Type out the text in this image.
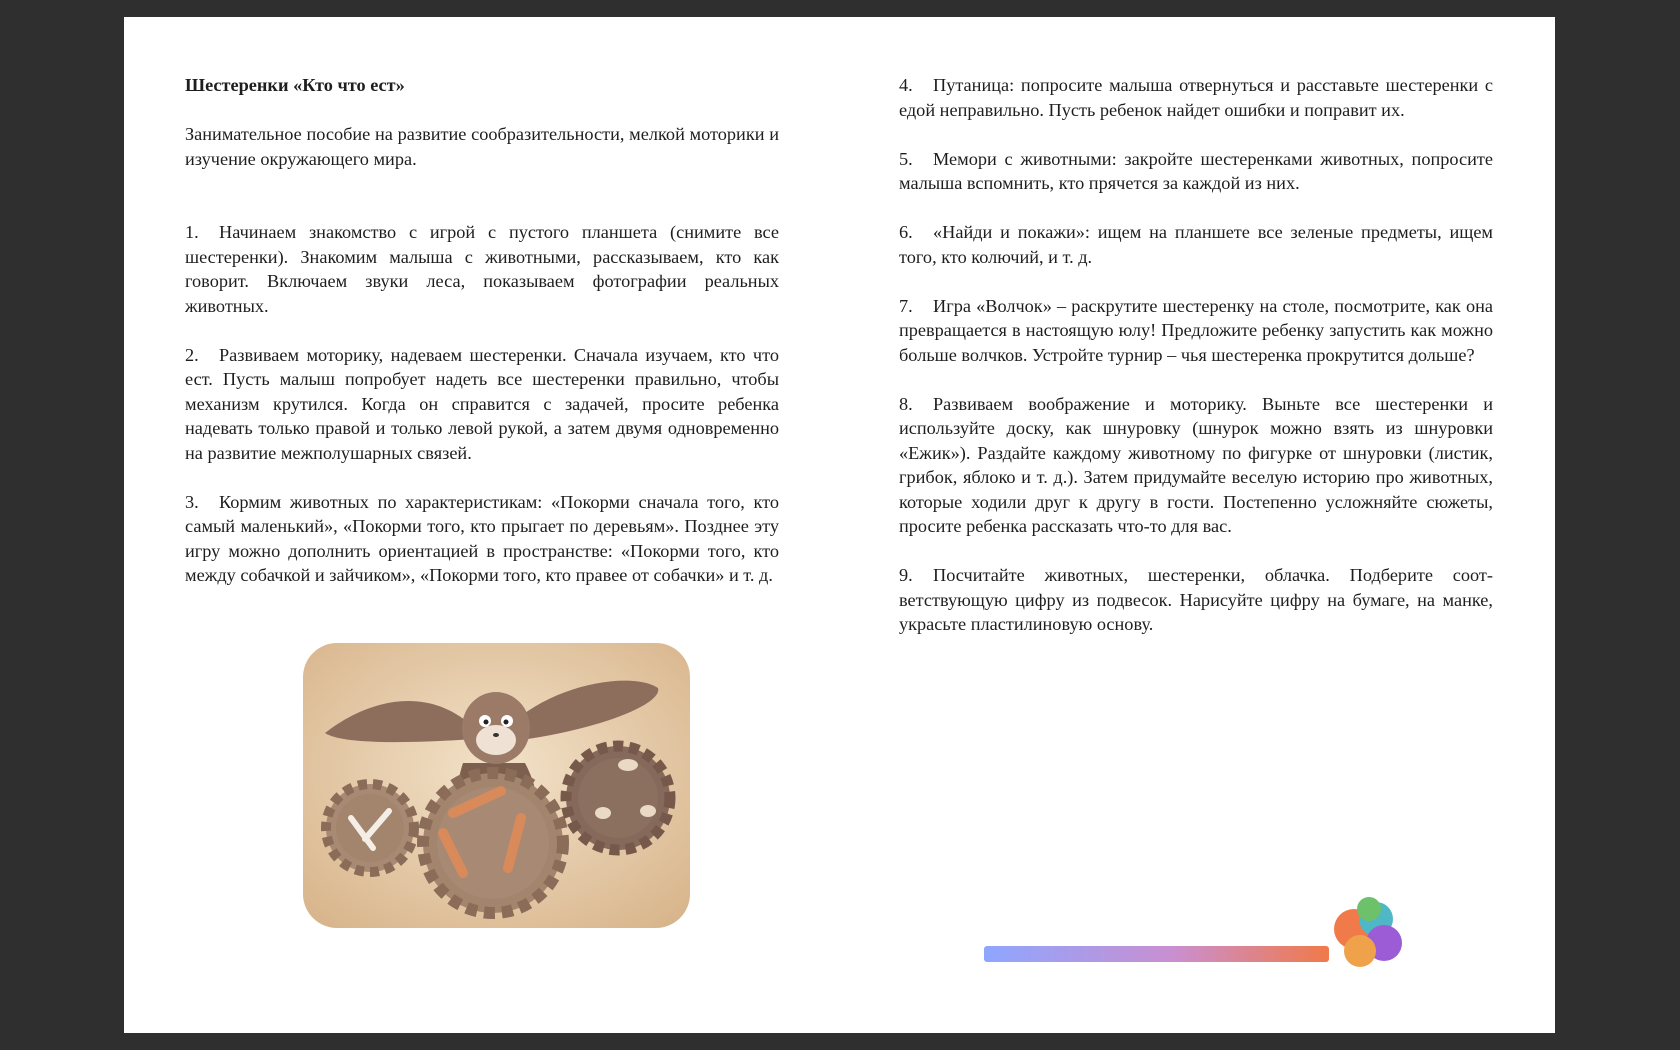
Шестеренки «Кто что ест»

Занимательное пособие на развитие сообразительности, мелкой моторики и изучение окружающего мира.

1. Начинаем знакомство с игрой с пустого планшета (снимите все шестеренки). Знакомим малыша с животными, рассказываем, кто как говорит. Включаем звуки леса, показываем фотографии реальных животных.

2. Развиваем моторику, надеваем шестеренки. Сначала изучаем, кто что ест. Пусть малыш попробует надеть все шестеренки правильно, чтобы механизм крутился. Когда он справится с задачей, просите ребенка надевать только правой и только левой рукой, а затем двумя одновременно на развитие межполушарных связей.

3. Кормим животных по характеристикам: «Покорми сначала того, кто самый маленький», «Покорми того, кто прыгает по деревьям». Позднее эту игру можно дополнить ориентацией в пространстве: «Покорми того, кто между собачкой и зайчиком», «Покорми того, кто правее от собачки» и т. д.

4. Путаница: попросите малыша отвернуться и расставьте шестеренки с едой неправильно. Пусть ребенок найдет ошибки и поправит их.

5. Мемори с животными: закройте шестеренками животных, попросите малыша вспомнить, кто прячется за каждой из них.

6. «Найди и покажи»: ищем на планшете все зеленые предметы, ищем того, кто колючий, и т. д.

7. Игра «Волчок» – раскрутите шестеренку на столе, посмотрите, как она превращается в настоящую юлу! Предложите ребенку запустить как можно больше волчков. Устройте турнир – чья шестеренка прокрутится дольше?

8. Развиваем воображение и моторику. Выньте все шестеренки и используйте доску, как шнуровку (шнурок можно взять из шнуровки «Ежик»). Раздайте каждому животному по фигурке от шнуровки (листик, грибок, яблоко и т. д.). Затем придумайте веселую историю про животных, которые ходили друг к другу в гости. Постепенно усложняйте сюжеты, просите ребенка рассказать что-то для вас.

9. Посчитайте животных, шестеренки, облачка. Подберите соответствующую цифру из подвесок. Нарисуйте цифру на бумаге, на манке, украсьте пластилиновую основу.
